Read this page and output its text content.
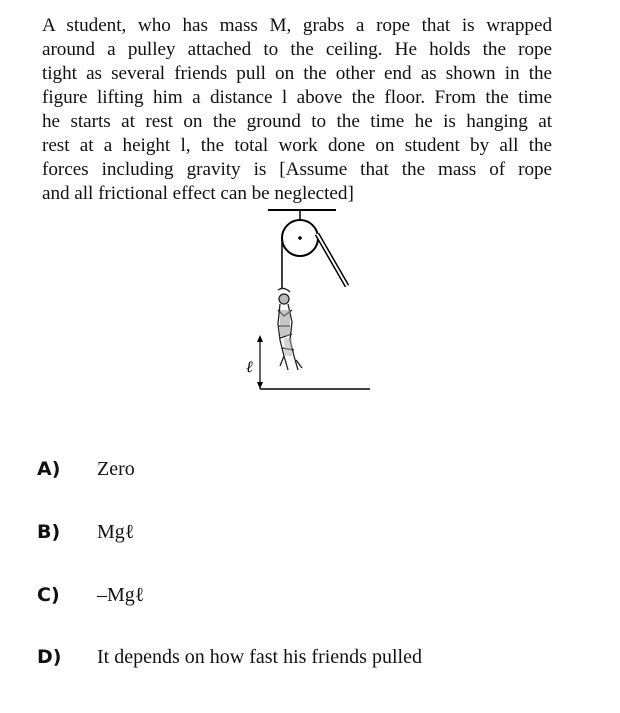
A student, who has mass M, grabs a rope that is wrapped
around a pulley attached to the ceiling. He holds the rope
tight as several friends pull on the other end as shown in the
figure lifting him a distance l above the floor. From the time
he starts at rest on the ground to the time he is hanging at
rest at a height l, the total work done on student by all the
forces including gravity is [Assume that the mass of rope
and all frictional effect can be neglected]
ℓ
A) Zero
B) Mgℓ
C) –Mgℓ
D) It depends on how fast his friends pulled
